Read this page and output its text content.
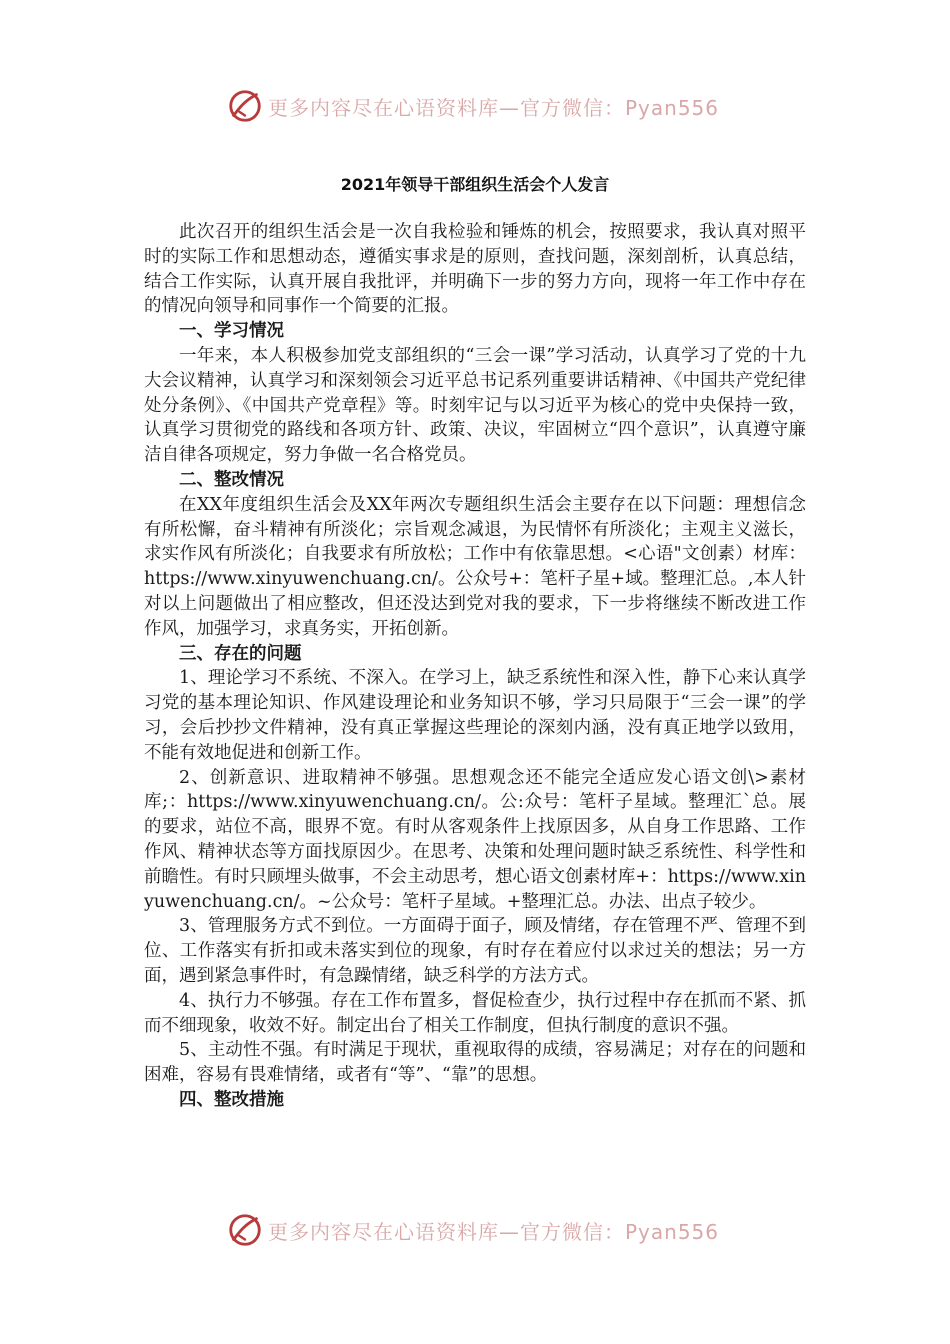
更多内容尽在心语资料库—官方微信：Pyan556
2021年领导干部组织生活会个人发言

此次召开的组织生活会是一次自我检验和锤炼的机会，按照要求，我认真对照平时的实际工作和思想动态，遵循实事求是的原则，查找问题，深刻剖析，认真总结，结合工作实际，认真开展自我批评，并明确下一步的努力方向，现将一年工作中存在的情况向领导和同事作一个简要的汇报。

一、学习情况

一年来，本人积极参加党支部组织的“三会一课”学习活动，认真学习了党的十九大会议精神，认真学习和深刻领会习近平总书记系列重要讲话精神、《中国共产党纪律处分条例》、《中国共产党章程》等。时刻牢记与以习近平为核心的党中央保持一致，认真学习贯彻党的路线和各项方针、政策、决议，牢固树立“四个意识”，认真遵守廉洁自律各项规定，努力争做一名合格党员。

二、整改情况

在XX年度组织生活会及XX年两次专题组织生活会主要存在以下问题：理想信念有所松懈，奋斗精神有所淡化；宗旨观念减退，为民情怀有所淡化；主观主义滋长，求实作风有所淡化；自我要求有所放松；工作中有依靠思想。<心语"文创素）材库：https://www.xinyuwenchuang.cn/。公众号+：笔杆子星+域。整理汇总。,本人针对以上问题做出了相应整改，但还没达到党对我的要求，下一步将继续不断改进工作作风，加强学习，求真务实，开拓创新。

三、存在的问题

1、理论学习不系统、不深入。在学习上，缺乏系统性和深入性，静下心来认真学习党的基本理论知识、作风建设理论和业务知识不够，学习只局限于“三会一课”的学习，会后抄抄文件精神，没有真正掌握这些理论的深刻内涵，没有真正地学以致用，不能有效地促进和创新工作。

2、创新意识、进取精神不够强。思想观念还不能完全适应发心语文创\>素材库;：https://www.xinyuwenchuang.cn/。公:众号：笔杆子星域。整理汇`总。展的要求，站位不高，眼界不宽。有时从客观条件上找原因多，从自身工作思路、工作作风、精神状态等方面找原因少。在思考、决策和处理问题时缺乏系统性、科学性和前瞻性。有时只顾埋头做事，不会主动思考，想心语文创素材库+：https://www.xinyuwenchuang.cn/。~公众号：笔杆子星域。+整理汇总。办法、出点子较少。

3、管理服务方式不到位。一方面碍于面子，顾及情绪，存在管理不严、管理不到位、工作落实有折扣或未落实到位的现象，有时存在着应付以求过关的想法；另一方面，遇到紧急事件时，有急躁情绪，缺乏科学的方法方式。

4、执行力不够强。存在工作布置多，督促检查少，执行过程中存在抓而不紧、抓而不细现象，收效不好。制定出台了相关工作制度，但执行制度的意识不强。

5、主动性不强。有时满足于现状，重视取得的成绩，容易满足；对存在的问题和困难，容易有畏难情绪，或者有“等”、“靠”的思想。

四、整改措施
更多内容尽在心语资料库—官方微信：Pyan556
